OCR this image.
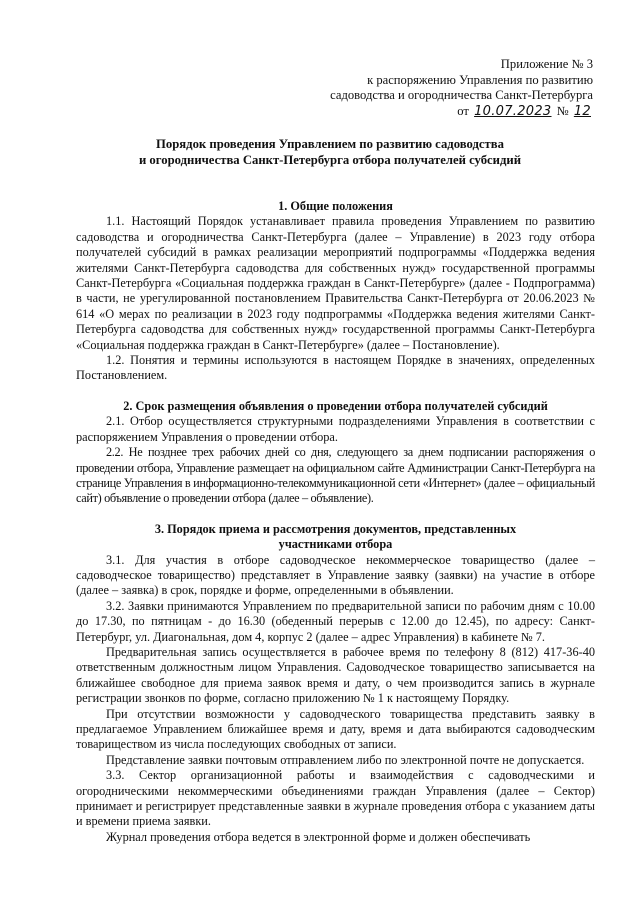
Приложение № 3
к распоряжению Управления по развитию
садоводства и огородничества Санкт-Петербурга
от 10.07.2023 № 12
Порядок проведения Управлением по развитию садоводства
и огородничества Санкт-Петербурга отбора получателей субсидий

1. Общие положения

1.1. Настоящий Порядок устанавливает правила проведения Управлением по развитию садоводства и огородничества Санкт-Петербурга (далее – Управление) в 2023 году отбора получателей субсидий в рамках реализации мероприятий подпрограммы «Поддержка ведения жителями Санкт-Петербурга садоводства для собственных нужд» государственной программы Санкт-Петербурга «Социальная поддержка граждан в Санкт-Петербурге» (далее - Подпрограмма) в части, не урегулированной постановлением Правительства Санкт-Петербурга от 20.06.2023 № 614 «О мерах по реализации в 2023 году подпрограммы «Поддержка ведения жителями Санкт-Петербурга садоводства для собственных нужд» государственной программы Санкт-Петербурга «Социальная поддержка граждан в Санкт-Петербурге» (далее – Постановление).

1.2. Понятия и термины используются в настоящем Порядке в значениях, определенных Постановлением.

2. Срок размещения объявления о проведении отбора получателей субсидий

2.1. Отбор осуществляется структурными подразделениями Управления в соответствии с распоряжением Управления о проведении отбора.

2.2. Не позднее трех рабочих дней со дня, следующего за днем подписании распоряжения о проведении отбора, Управление размещает на официальном сайте Администрации Санкт-Петербурга на странице Управления в информационно-телекоммуникационной сети «Интернет» (далее – официальный сайт) объявление о проведении отбора (далее – объявление).

3. Порядок приема и рассмотрения документов, представленных
участниками отбора

3.1. Для участия в отборе садоводческое некоммерческое товарищество (далее – садоводческое товарищество) представляет в Управление заявку (заявки) на участие в отборе (далее – заявка) в срок, порядке и форме, определенными в объявлении.

3.2. Заявки принимаются Управлением по предварительной записи по рабочим дням с 10.00 до 17.30, по пятницам - до 16.30 (обеденный перерыв с 12.00 до 12.45), по адресу: Санкт-Петербург, ул. Диагональная, дом 4, корпус 2 (далее – адрес Управления) в кабинете № 7.

Предварительная запись осуществляется в рабочее время по телефону 8 (812) 417-36-40 ответственным должностным лицом Управления. Садоводческое товарищество записывается на ближайшее свободное для приема заявок время и дату, о чем производится запись в журнале регистрации звонков по форме, согласно приложению № 1 к настоящему Порядку.

При отсутствии возможности у садоводческого товарищества представить заявку в предлагаемое Управлением ближайшее время и дату, время и дата выбираются садоводческим товариществом из числа последующих свободных от записи.

Представление заявки почтовым отправлением либо по электронной почте не допускается.

3.3. Сектор организационной работы и взаимодействия с садоводческими и огородническими некоммерческими объединениями граждан Управления (далее – Сектор) принимает и регистрирует представленные заявки в журнале проведения отбора с указанием даты и времени приема заявки.

Журнал проведения отбора ведется в электронной форме и должен обеспечивать
